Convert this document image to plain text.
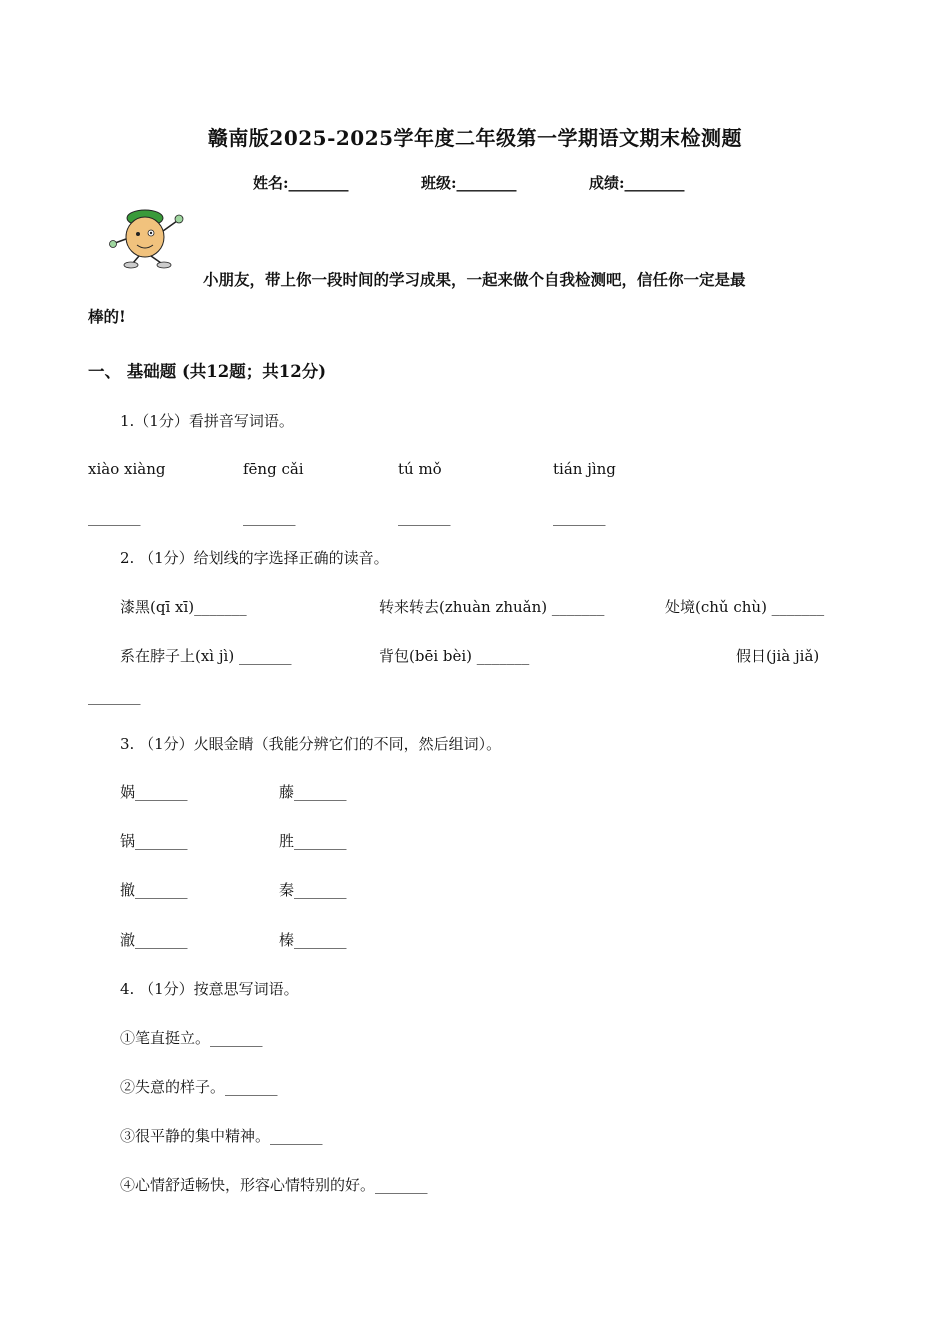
赣南版2025-2025学年度二年级第一学期语文期末检测题
姓名:________	班级:________	成绩:________
小朋友，带上你一段时间的学习成果，一起来做个自我检测吧，信任你一定是最
棒的!
一、 基础题 (共12题；共12分)
1.（1分）看拼音写词语。
xiào xiàng	fēng cǎi	tú mǒ	tián jìng
_______	_______	_______	_______
2. （1分）给划线的字选择正确的读音。
漆黑(qī xī)_______	转来转去(zhuàn zhuǎn) _______	处境(chǔ chù) _______
系在脖子上(xì jì) _______	背包(bēi bèi) _______	假日(jià jiǎ)
_______
3. （1分）火眼金睛（我能分辨它们的不同，然后组词）。
娲_______	藤_______
锅_______	胜_______
撤_______	秦_______
澈_______	榛_______
4. （1分）按意思写词语。
①笔直挺立。_______
②失意的样子。_______
③很平静的集中精神。_______
④心情舒适畅快，形容心情特别的好。_______
